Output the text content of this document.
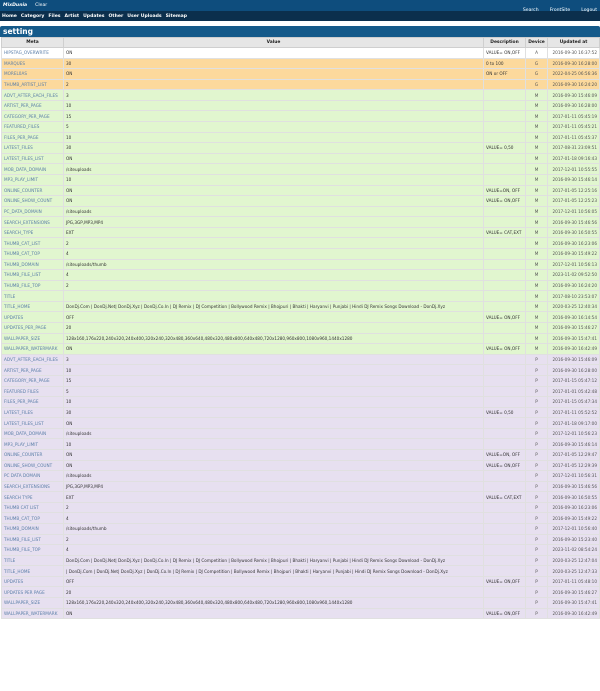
MixDunia Clear
Search FrontSite Logout
Home Category Files Artist Updates Other User Uploads Sitemap
setting
Meta	Value	Description	Device	Updated at
HIPSTAG_OVERWRITE	ON	VALUE= ON,OFF	A	2016-09-30 16:37:52
MARQUES	30	0 to 100	G	2016-09-30 16:28:00
MOREL0AS	ON	ON or OFF	G	2022-04-25 06:56:36
THUMB_ARTIST_LIST	2		G	2016-09-30 16:24:20
ADVT_AFTER_EACH_FILES	3		M	2016-09-30 15:46:09
ARTIST_PER_PAGE	10		M	2016-09-30 16:28:00
CATEGORY_PER_PAGE	15		M	2017-01-11 05:45:19
FEATURED_FILES	5		M	2017-01-11 05:45:21
FILES_PER_PAGE	10		M	2017-01-11 05:45:37
LATEST_FILES	30	VALUE= 0,50	M	2017-08-31 23:09:51
LATEST_FILES_LIST	ON		M	2017-01-18 09:16:43
MOB_DATA_DOMAIN	/siteuploads		M	2017-12-01 10:55:55
MP3_PLAY_LIMIT	10		M	2016-09-30 15:46:14
ONLINE_COUNTER	ON	VALUE=ON, OFF	M	2017-01-05 12:25:16
ONLINE_SHOW_COUNT	ON	VALUE= ON,OFF	M	2017-01-05 12:25:23
PC_DATA_DOMAIN	/siteuploads		M	2017-12-01 10:56:05
SEARCH_EXTENSIONS	JPG,3GP,MP3,MP4		M	2016-09-30 15:46:56
SEARCH_TYPE	EXT	VALUE= CAT,EXT	M	2016-09-30 16:50:55
THUMB_CAT_LIST	2		M	2016-09-30 16:23:06
THUMB_CAT_TOP	4		M	2016-09-30 15:49:22
THUMB_DOMAIN	/siteuploads/thumb		M	2017-12-01 10:56:13
THUMB_FILE_LIST	4		M	2023-11-02 09:52:50
THUMB_FILE_TOP	2		M	2016-09-30 16:24:20
TITLE			M	2017-08-10 23:53:07
TITLE_HOME	DonDj.Com | DonDj.Net| DonDj.Xyz | DonDj.Co.In | DJ Remix | DJ Competition | Bollywood Remix | Bhojpuri | Bhakti | Haryanvi | Punjabi | Hindi DJ Remix Songs Download - DonDj.Xyz		M	2020-03-25 12:40:34
UPDATES	OFF	VALUE= ON,OFF	M	2016-09-30 16:14:54
UPDATES_PER_PAGE	20		M	2016-09-30 15:46:27
WALLPAPER_SIZE	128x160,176x220,240x320,240x400,320x240,320x480,360x640,480x320,480x800,640x480,720x1280,960x800,1080x960,1440x1280		M	2016-09-30 15:47:41
WALLPAPER_WATERMARK	ON	VALUE= ON,OFF	M	2016-09-30 16:42:49
ADVT_AFTER_EACH_FILES	3		P	2016-09-30 15:46:09
ARTIST_PER_PAGE	10		P	2016-09-30 16:28:00
CATEGORY_PER_PAGE	15		P	2017-01-15 05:47:12
FEATURED FILES	5		P	2017-01-01 05:42:48
FILES_PER_PAGE	10		P	2017-01-15 05:47:34
LATEST_FILES	30	VALUE= 0,50	P	2017-01-11 05:52:52
LATEST_FILES_LIST	ON		P	2017-01-18 09:17:00
MOB_DATA_DOMAIN	/siteuploads		P	2017-12-01 10:56:23
MP3_PLAY_LIMIT	10		P	2016-09-30 15:46:14
ONLINE_COUNTER	ON	VALUE=ON, OFF	P	2017-01-05 12:29:47
ONLINE_SHOW_COUNT	ON	VALUE= ON,OFF	P	2017-01-05 12:29:39
PC DATA DOMAIN	/siteuploads		P	2017-12-01 10:56:31
SEARCH_EXTENSIONS	JPG,3GP,MP3,MP4		P	2016-09-30 15:46:56
SEARCH TYPE	EXT	VALUE= CAT,EXT	P	2016-09-30 16:50:55
THUMB CAT LIST	2		P	2016-09-30 16:23:06
THUMB_CAT_TOP	4		P	2016-09-30 15:49:22
THUMB_DOMAIN	/siteuploads/thumb		P	2017-12-01 10:56:40
THUMB_FILE_LIST	2		P	2016-09-30 15:23:40
THUMB_FILE_TOP	4		P	2023-11-02 08:54:24
TITLE	DonDj.Com | DonDj.Net| DonDj.Xyz | DonDj.Co.In | DJ Remix | DJ Competition | Bollywood Remix | Bhojpuri | Bhakti | Haryanvi | Punjabi | Hindi DJ Remix Songs Download - DonDj.Xyz		P	2020-03-25 12:47:04
TITLE_HOME	| DonDj.Com | DonDj.Net| DonDj.Xyz | DonDj.Co.In | DJ Remix | DJ Competition | Bollywood Remix | Bhojpuri | Bhakti | Haryanvi | Punjabi | Hindi DJ Remix Songs Download - DonDj.Xyz		P	2020-03-25 12:47:33
UPDATES	OFF	VALUE= ON,OFF	P	2017-01-11 05:48:10
UPDATES PER PAGE	20		P	2016-09-30 15:46:27
WALLPAPER_SIZE	128x160,176x220,240x320,240x400,320x240,320x480,360x640,480x320,480x800,640x480,720x1280,960x800,1080x960,1440x1280		P	2016-09-30 15:47:41
WALLPAPER_WATERMARK	ON	VALUE= ON,OFF	P	2016-09-30 16:42:49
